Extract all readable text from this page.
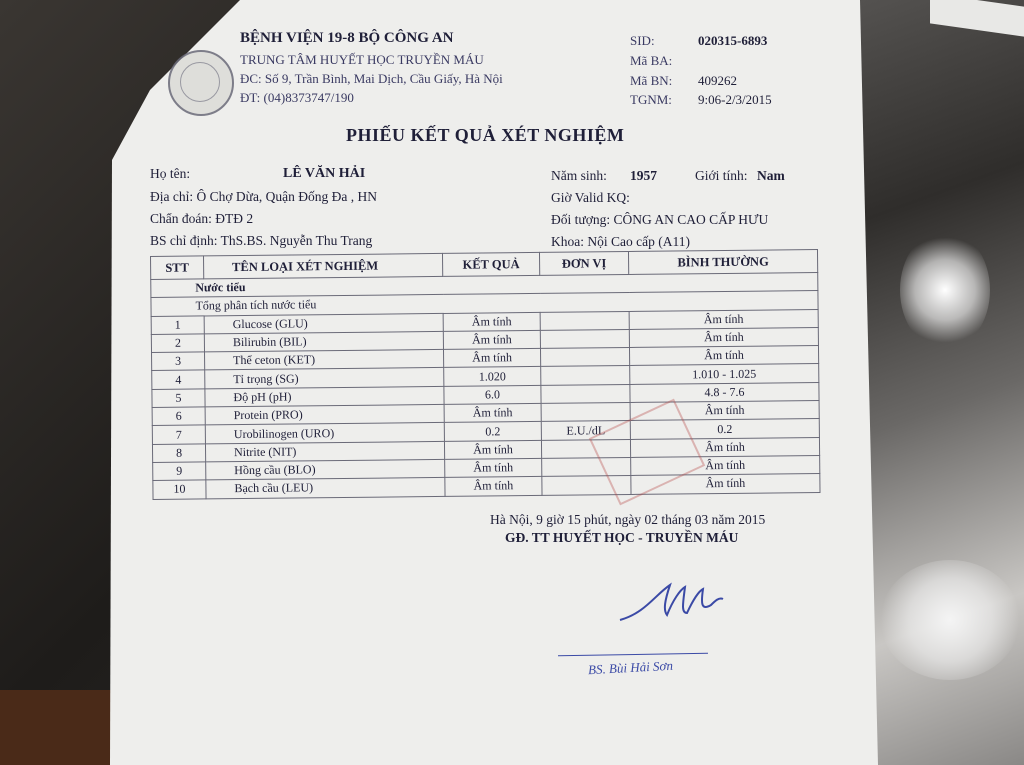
BỆNH VIỆN 19-8 BỘ CÔNG AN
TRUNG TÂM HUYẾT HỌC TRUYỀN MÁU
ĐC: Số 9, Trần Bình, Mai Dịch, Cầu Giấy, Hà Nội
ĐT: (04)8373747/190
SID:	020315-6893
Mã BA:
Mã BN: 409262
TGNM: 9:06-2/3/2015
PHIẾU KẾT QUẢ XÉT NGHIỆM
Họ tên:	LÊ VĂN HẢI	Năm sinh: 1957	Giới tính: Nam
Địa chỉ: Ô Chợ Dừa, Quận Đống Đa , HN	Giờ Valid KQ:
Chẩn đoán: ĐTĐ 2	Đối tượng: CÔNG AN CAO CẤP HƯU
BS chỉ định: ThS.BS. Nguyễn Thu Trang	Khoa: Nội Cao cấp (A11)
STT	TÊN LOẠI XÉT NGHIỆM	KẾT QUẢ	ĐƠN VỊ	BÌNH THƯỜNG
Nước tiểu				
Tổng phân tích nước tiểu				
1	Glucose (GLU)	Âm tính		Âm tính
2	Bilirubin (BIL)	Âm tính		Âm tính
3	Thể ceton (KET)	Âm tính		Âm tính
4	Tỉ trọng (SG)	1.020		1.010 - 1.025
5	Độ pH (pH)	6.0		4.8 - 7.6
6	Protein (PRO)	Âm tính		Âm tính
7	Urobilinogen (URO)	0.2	E.U./dL	0.2
8	Nitrite (NIT)	Âm tính		Âm tính
9	Hồng cầu (BLO)	Âm tính		Âm tính
10	Bạch cầu (LEU)	Âm tính		Âm tính
Hà Nội, 9 giờ 15 phút, ngày 02 tháng 03 năm 2015
GĐ. TT HUYẾT HỌC - TRUYỀN MÁU
BS. Bùi Hải Sơn
